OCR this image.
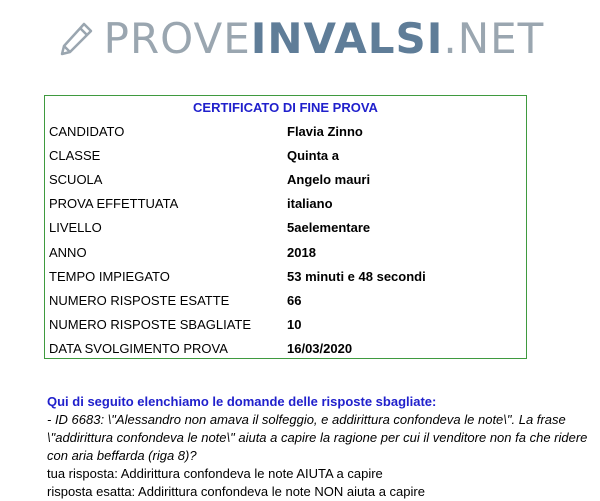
PROVE INVALSI .NET
CERTIFICATO DI FINE PROVA
CANDIDATO	Flavia Zinno
CLASSE	Quinta a
SCUOLA	Angelo mauri
PROVA EFFETTUATA	italiano
LIVELLO	5aelementare
ANNO	2018
TEMPO IMPIEGATO	53 minuti e 48 secondi
NUMERO RISPOSTE ESATTE	66
NUMERO RISPOSTE SBAGLIATE	10
DATA SVOLGIMENTO PROVA	16/03/2020
Qui di seguito elenchiamo le domande delle risposte sbagliate:
- ID 6683: \"Alessandro non amava il solfeggio, e addirittura confondeva le note\". La frase \"addirittura confondeva le note\" aiuta a capire la ragione per cui il venditore non fa che ridere con aria beffarda (riga 8)?
tua risposta: Addirittura confondeva le note AIUTA a capire
risposta esatta: Addirittura confondeva le note NON aiuta a capire
